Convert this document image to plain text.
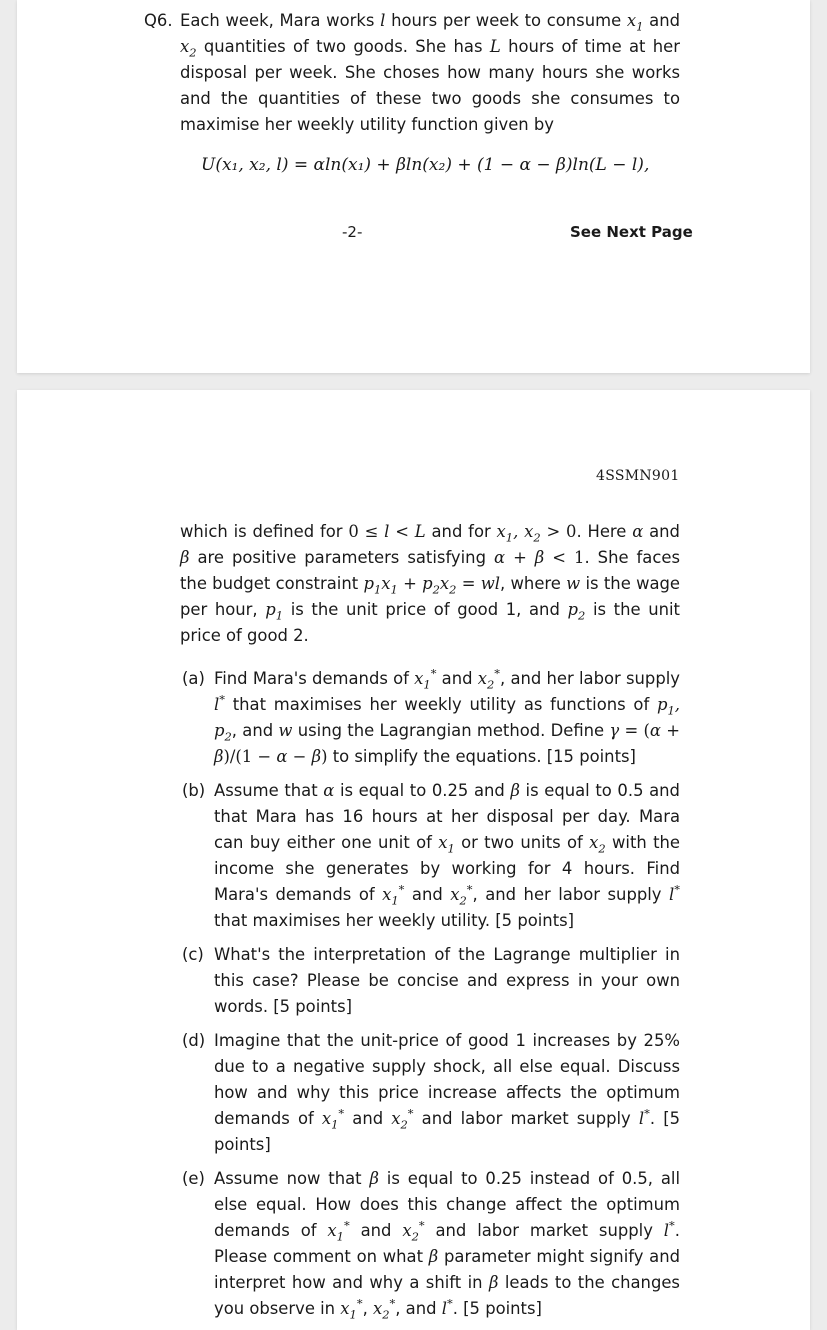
Q6. Each week, Mara works l hours per week to consume $x_1$ and $x_2$ quantities of two goods. She has L hours of time at her disposal per week. She choses how many hours she works and the quantities of these two goods she consumes to maximise her weekly utility function given by
U(x₁, x₂, l) = αln(x₁) + βln(x₂) + (1 − α − β)ln(L − l),
-2-	See Next Page
4SSMN901
which is defined for 0 ≤ l < L and for $x_1$, $x_2 > 0$. Here α and β are positive parameters satisfying α + β < 1. She faces the budget constraint $p_1x_1 + p_2x_2$ = wl, where w is the wage per hour, $p_1$ is the unit price of good 1, and $p_2$ is the unit price of good 2.
(a) Find Mara's demands of $x_1^*$ and $x_2^*$, and her labor supply l* that maximises her weekly utility as functions of $p_1$, $p_2$, and w using the Lagrangian method. Define γ = (α + β)/(1 − α − β) to simplify the equations. [15 points]
(b) Assume that α is equal to 0.25 and β is equal to 0.5 and that Mara has 16 hours at her disposal per day. Mara can buy either one unit of $x_1$ or two units of $x_2$ with the income she generates by working for 4 hours. Find Mara's demands of $x_1^*$ and $x_2^*$, and her labor supply l* that maximises her weekly utility. [5 points]
(c) What's the interpretation of the Lagrange multiplier in this case? Please be concise and express in your own words. [5 points]
(d) Imagine that the unit-price of good 1 increases by 25% due to a negative supply shock, all else equal. Discuss how and why this price increase affects the optimum demands of $x_1^*$ and $x_2^*$ and labor market supply l*. [5 points]
(e) Assume now that β is equal to 0.25 instead of 0.5, all else equal. How does this change affect the optimum demands of $x_1^*$ and $x_2^*$ and labor market supply l*. Please comment on what β parameter might signify and interpret how and why a shift in β leads to the changes you observe in $x_1^*$, $x_2^*$, and l*. [5 points]
